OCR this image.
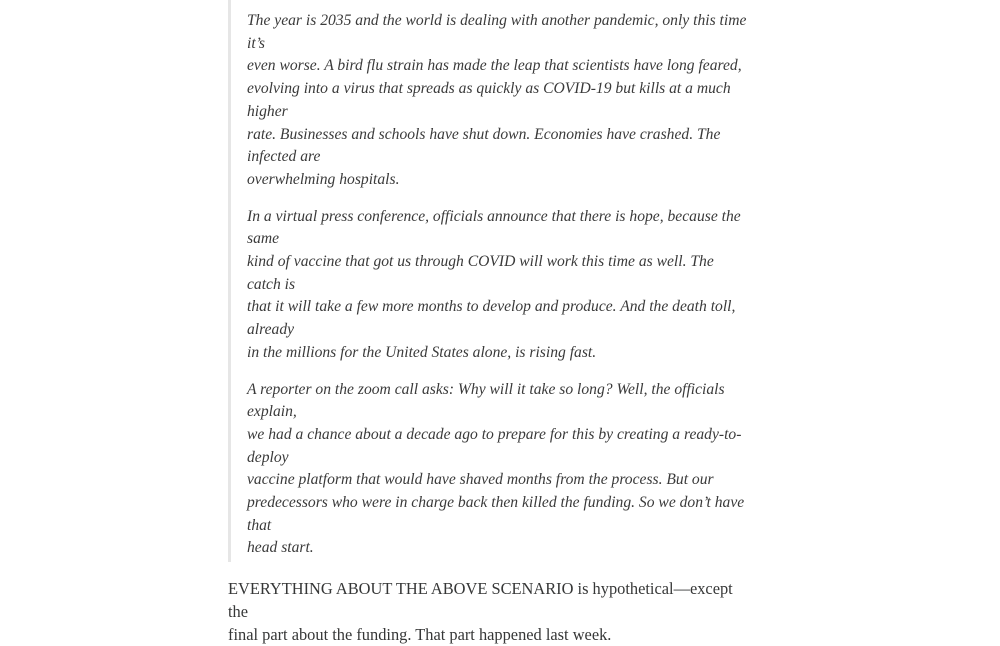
The year is 2035 and the world is dealing with another pandemic, only this time it’s
even worse. A bird flu strain has made the leap that scientists have long feared,
evolving into a virus that spreads as quickly as COVID-19 but kills at a much higher
rate. Businesses and schools have shut down. Economies have crashed. The infected are
overwhelming hospitals.

In a virtual press conference, officials announce that there is hope, because the same
kind of vaccine that got us through COVID will work this time as well. The catch is
that it will take a few more months to develop and produce. And the death toll, already
in the millions for the United States alone, is rising fast.

A reporter on the zoom call asks: Why will it take so long? Well, the officials explain,
we had a chance about a decade ago to prepare for this by creating a ready-to-deploy
vaccine platform that would have shaved months from the process. But our
predecessors who were in charge back then killed the funding. So we don’t have that
head start.

EVERYTHING ABOUT THE ABOVE SCENARIO is hypothetical—except the
final part about the funding. That part happened last week.
